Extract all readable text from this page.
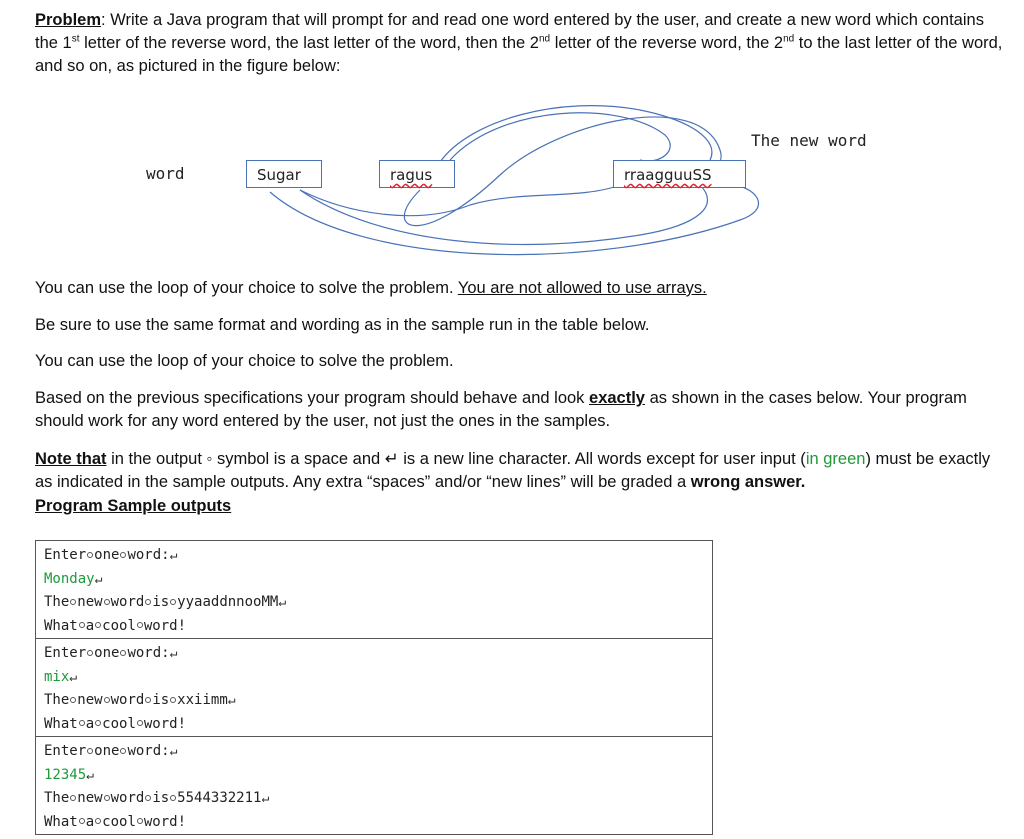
Problem: Write a Java program that will prompt for and read one word entered by the user, and create a new word which contains the 1st letter of the reverse word, the last letter of the word, then the 2nd letter of the reverse word, the 2nd to the last letter of the word, and so on, as pictured in the figure below:

word
The new word
Sugar	ragus	rraagguuSS

You can use the loop of your choice to solve the problem. You are not allowed to use arrays.

Be sure to use the same format and wording as in the sample run in the table below.

You can use the loop of your choice to solve the problem.

Based on the previous specifications your program should behave and look exactly as shown in the cases below. Your program should work for any word entered by the user, not just the ones in the samples.

Note that in the output ◦ symbol is a space and ↵ is a new line character. All words except for user input (in green) must be exactly as indicated in the sample outputs. Any extra “spaces” and/or “new lines” will be graded a wrong answer.

Program Sample outputs

Enter one word:↵
Monday↵
The new word is yyaaddnnooMM↵
What a cool word!

Enter one word:↵
mix↵
The new word is xxiimm↵
What a cool word!

Enter one word:↵
12345↵
The new word is 5544332211↵
What a cool word!
